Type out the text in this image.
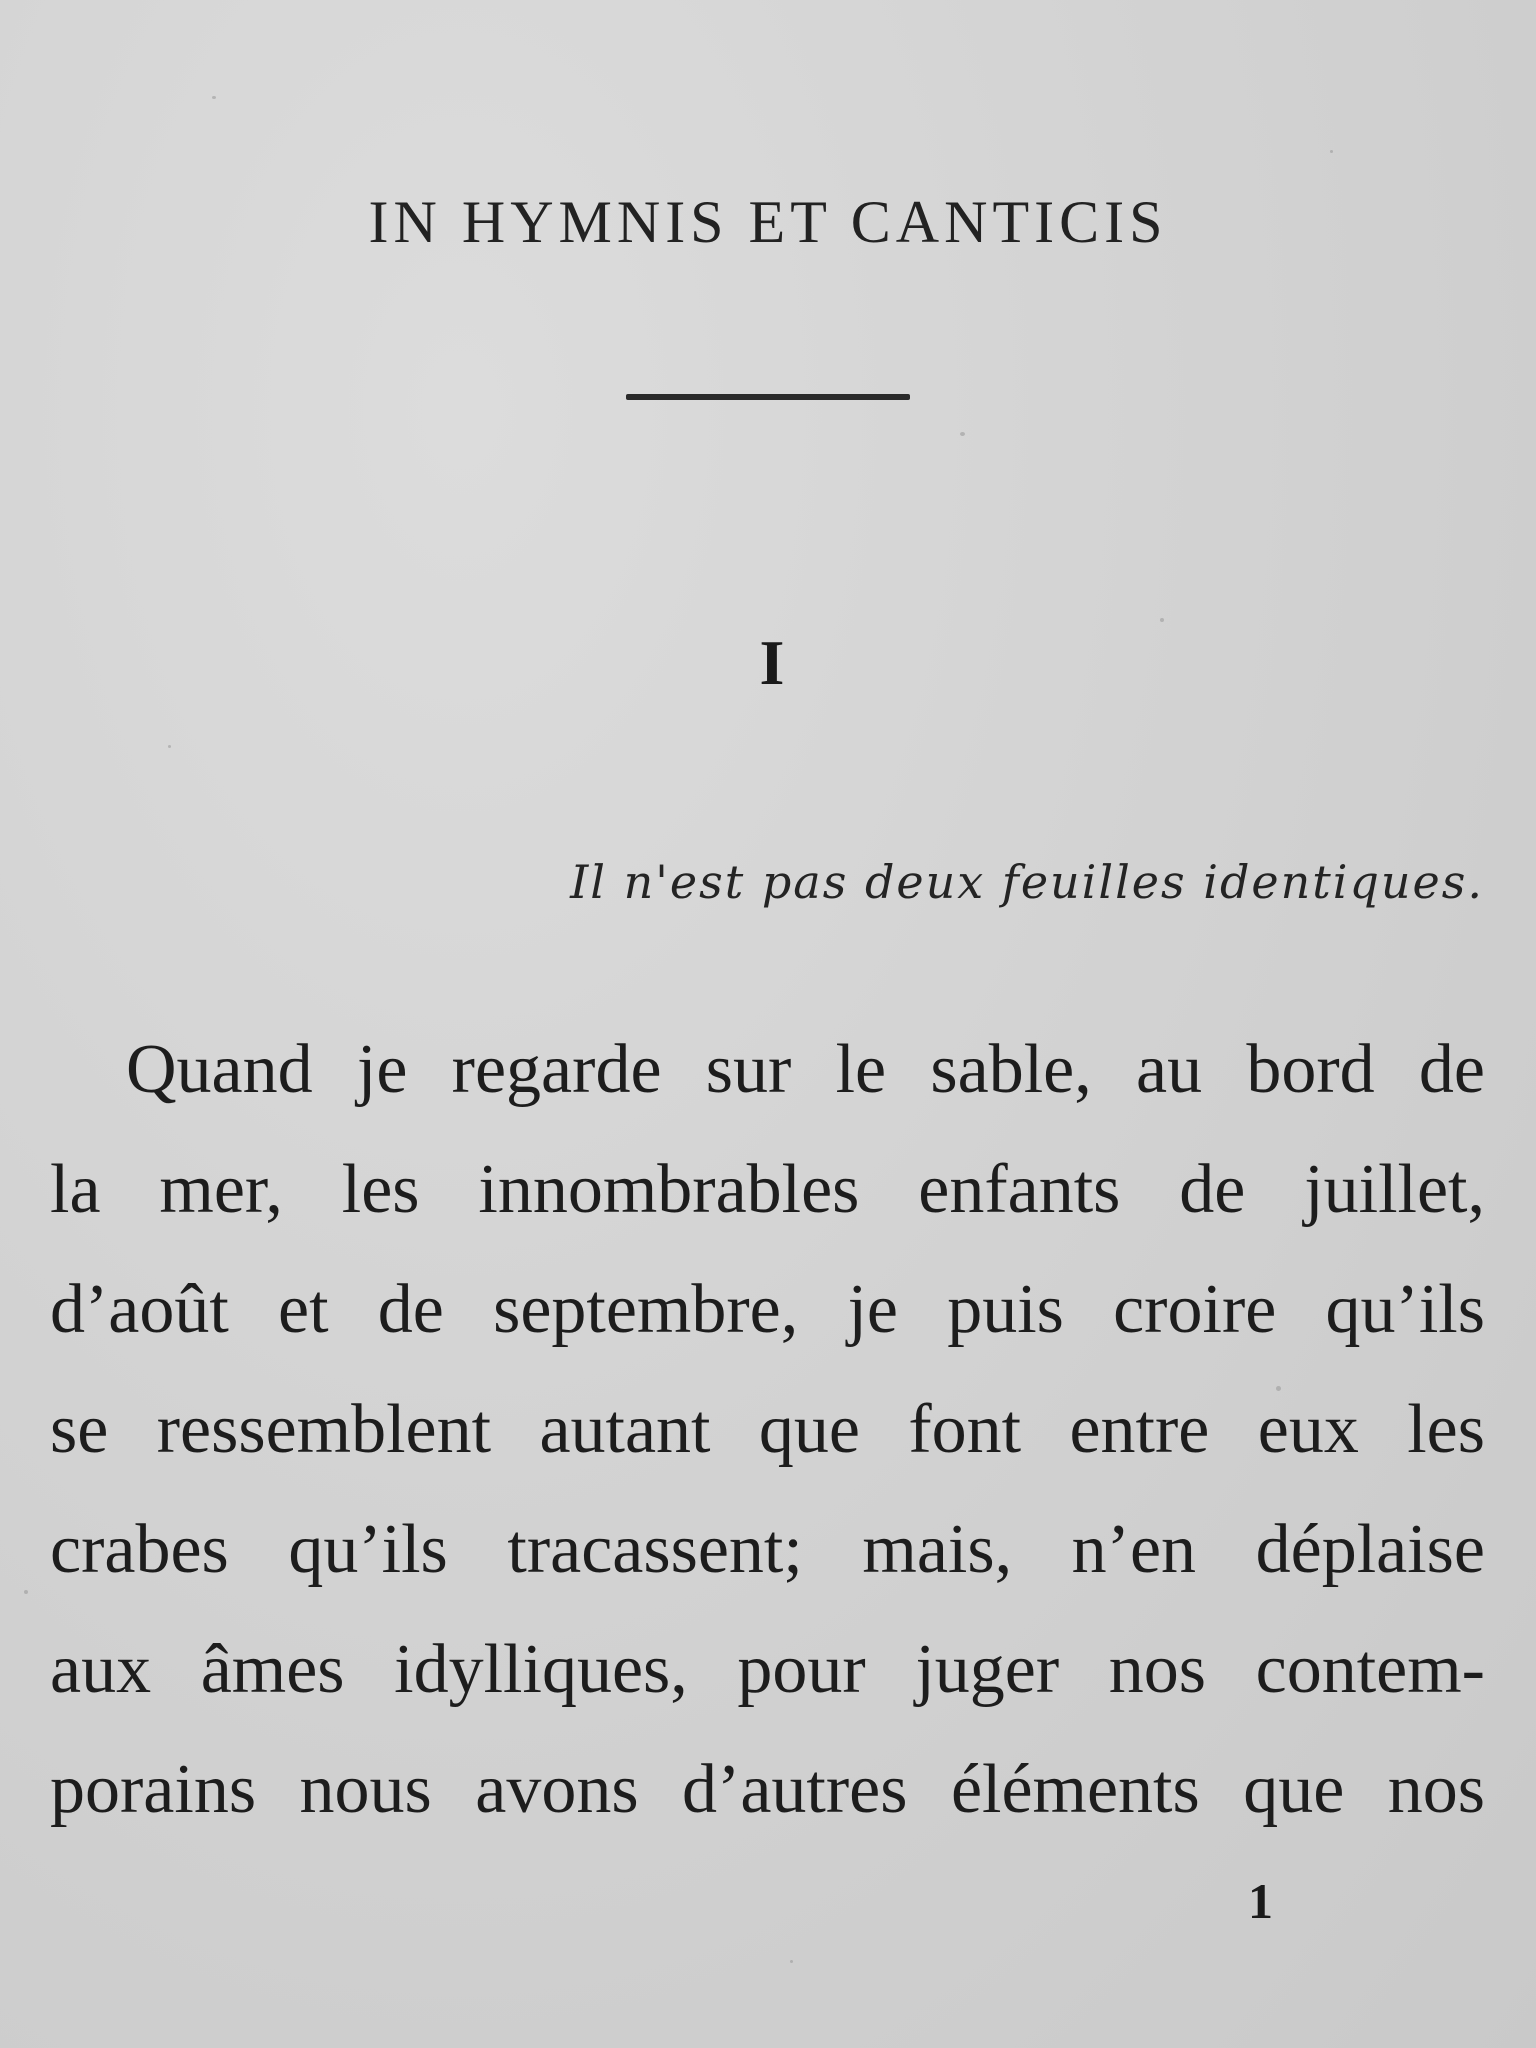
IN HYMNIS ET CANTICIS
I
Il n'est pas deux feuilles identiques.
Quand je regarde sur le sable, au bord de
la mer, les innombrables enfants de juillet,
d’août et de septembre, je puis croire qu’ils
se ressemblent autant que font entre eux les
crabes qu’ils tracassent; mais, n’en déplaise
aux âmes idylliques, pour juger nos contem-
porains nous avons d’autres éléments que nos
1
